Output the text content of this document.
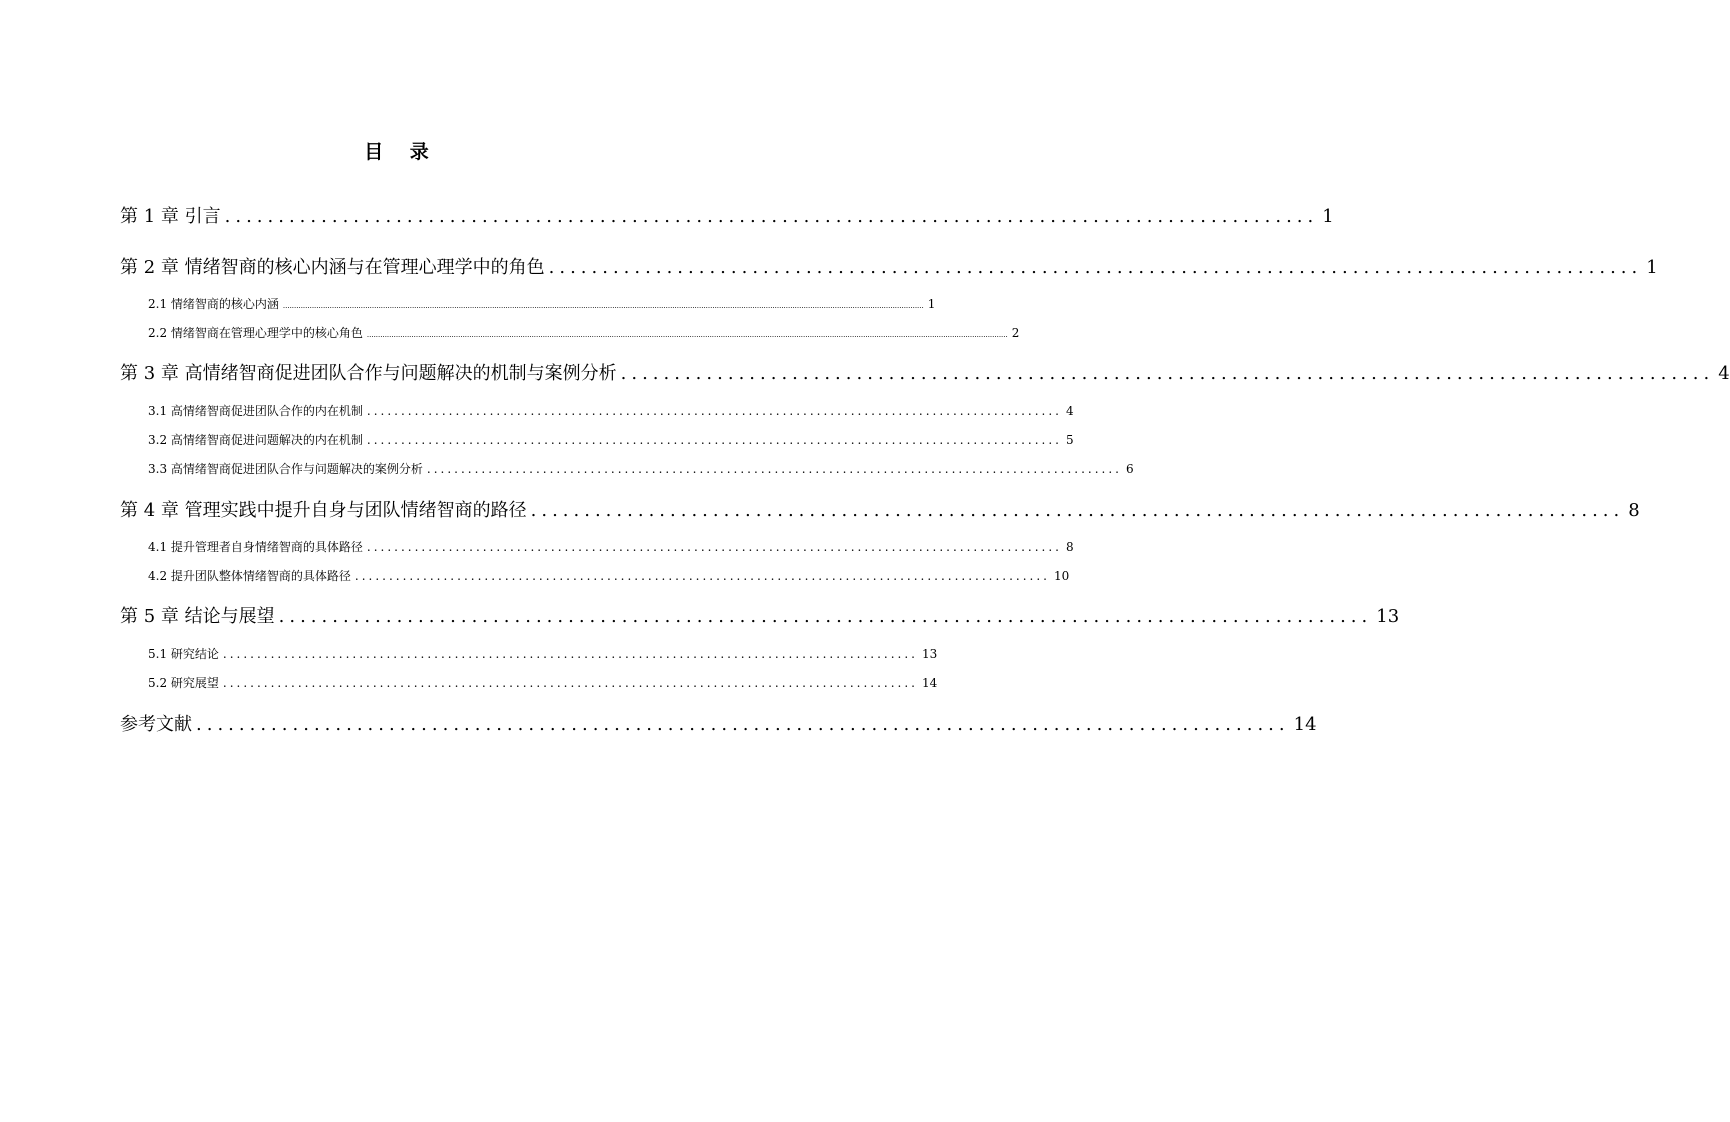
目 录
第 1 章 引言 ...................................................................................................... 1
第 2 章 情绪智商的核心内涵与在管理心理学中的角色 ...................................................................................................... 1
2.1 情绪智商的核心内涵 ................................................................................................................................................................................................................................................................................................ 1
2.2 情绪智商在管理心理学中的核心角色 ................................................................................................................................................................................................................................................................................................ 2
第 3 章 高情绪智商促进团队合作与问题解决的机制与案例分析 ...................................................................................................... 4
3.1 高情绪智商促进团队合作的内在机制 ...................................................................................................... 4
3.2 高情绪智商促进问题解决的内在机制 ...................................................................................................... 5
3.3 高情绪智商促进团队合作与问题解决的案例分析 ...................................................................................................... 6
第 4 章 管理实践中提升自身与团队情绪智商的路径 ...................................................................................................... 8
4.1 提升管理者自身情绪智商的具体路径 ...................................................................................................... 8
4.2 提升团队整体情绪智商的具体路径 ...................................................................................................... 10
第 5 章 结论与展望 ...................................................................................................... 13
5.1 研究结论 ...................................................................................................... 13
5.2 研究展望 ...................................................................................................... 14
参考文献 ...................................................................................................... 14
